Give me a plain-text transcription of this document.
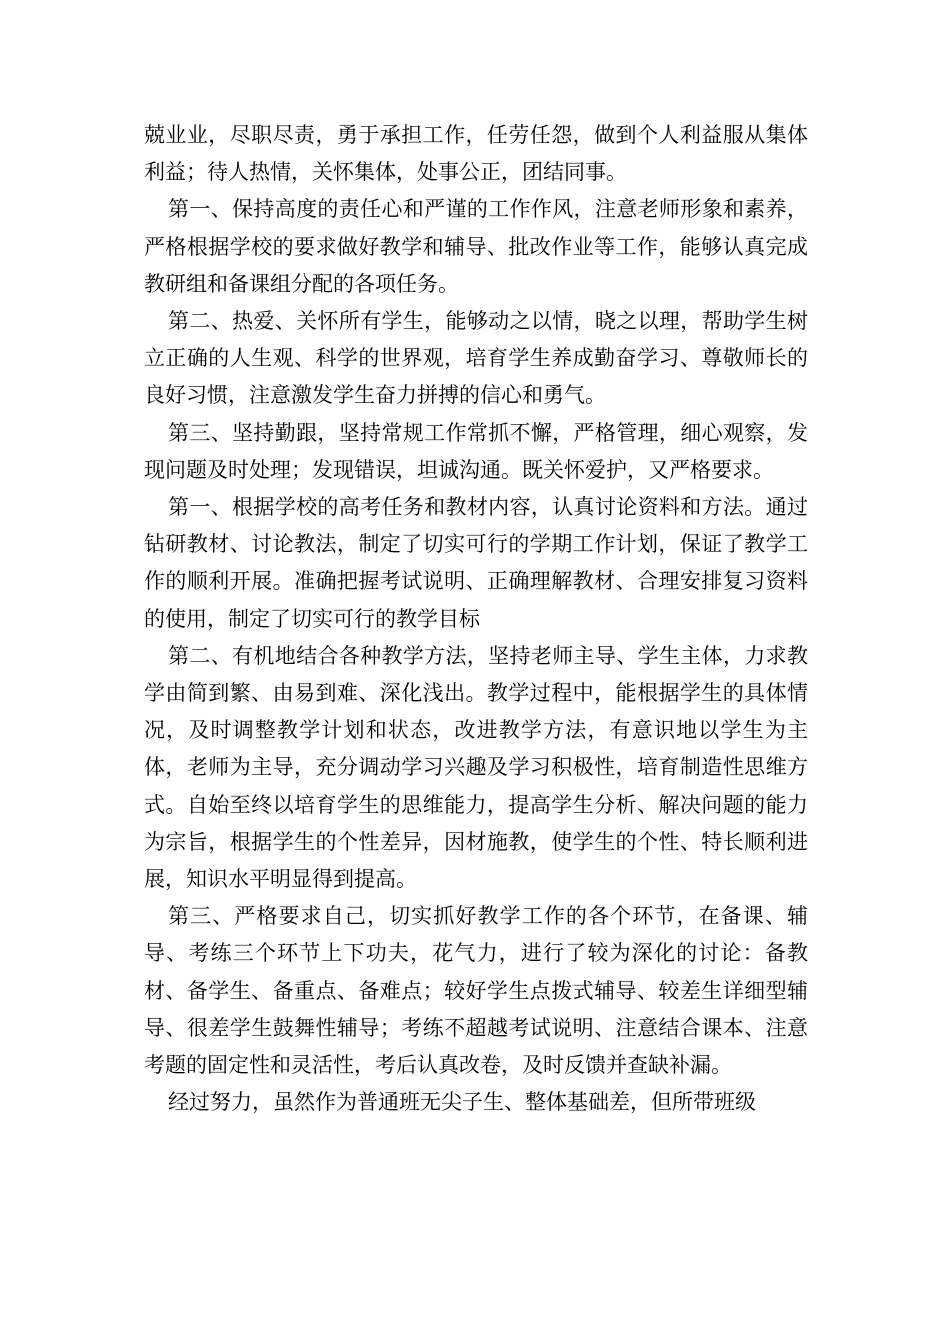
兢业业，尽职尽责，勇于承担工作，任劳任怨，做到个人利益服从集体利益；待人热情，关怀集体，处事公正，团结同事。

第一、保持高度的责任心和严谨的工作作风，注意老师形象和素养，严格根据学校的要求做好教学和辅导、批改作业等工作，能够认真完成教研组和备课组分配的各项任务。

第二、热爱、关怀所有学生，能够动之以情，晓之以理，帮助学生树立正确的人生观、科学的世界观，培育学生养成勤奋学习、尊敬师长的良好习惯，注意激发学生奋力拼搏的信心和勇气。

第三、坚持勤跟，坚持常规工作常抓不懈，严格管理，细心观察，发现问题及时处理；发现错误，坦诚沟通。既关怀爱护，又严格要求。

第一、根据学校的高考任务和教材内容，认真讨论资料和方法。通过钻研教材、讨论教法，制定了切实可行的学期工作计划，保证了教学工作的顺利开展。准确把握考试说明、正确理解教材、合理安排复习资料的使用，制定了切实可行的教学目标

第二、有机地结合各种教学方法，坚持老师主导、学生主体，力求教学由简到繁、由易到难、深化浅出。教学过程中，能根据学生的具体情况，及时调整教学计划和状态，改进教学方法，有意识地以学生为主体，老师为主导，充分调动学习兴趣及学习积极性，培育制造性思维方式。自始至终以培育学生的思维能力，提高学生分析、解决问题的能力为宗旨，根据学生的个性差异，因材施教，使学生的个性、特长顺利进展，知识水平明显得到提高。

第三、严格要求自己，切实抓好教学工作的各个环节，在备课、辅导、考练三个环节上下功夫，花气力，进行了较为深化的讨论：备教材、备学生、备重点、备难点；较好学生点拨式辅导、较差生详细型辅导、很差学生鼓舞性辅导；考练不超越考试说明、注意结合课本、注意考题的固定性和灵活性，考后认真改卷，及时反馈并查缺补漏。

经过努力，虽然作为普通班无尖子生、整体基础差，但所带班级
